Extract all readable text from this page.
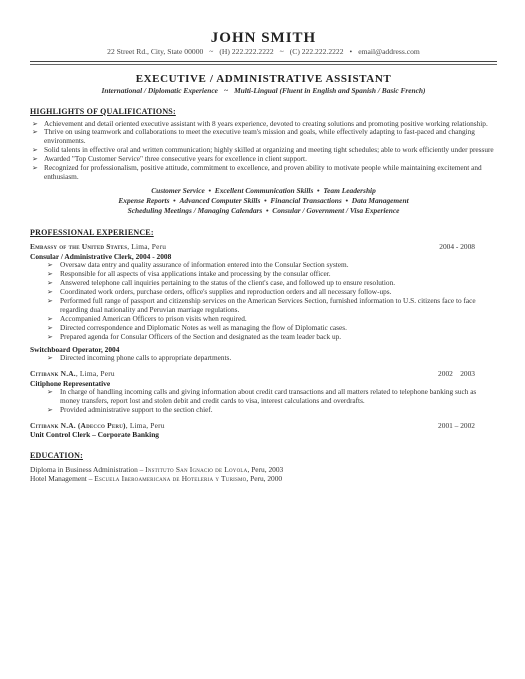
JOHN SMITH
22 Street Rd., City, State 00000 ~ (H) 222.222.2222 ~ (C) 222.222.2222 • email@address.com
EXECUTIVE / ADMINISTRATIVE ASSISTANT
International / Diplomatic Experience ~ Multi-Lingual (Fluent in English and Spanish / Basic French)
HIGHLIGHTS OF QUALIFICATIONS:
➢ Achievement and detail oriented executive assistant with 8 years experience, devoted to creating solutions and promoting positive working relationship.
➢ Thrive on using teamwork and collaborations to meet the executive team's mission and goals, while effectively adapting to fast-paced and changing environments.
➢ Solid talents in effective oral and written communication; highly skilled at organizing and meeting tight schedules; able to work efficiently under pressure
➢ Awarded "Top Customer Service" three consecutive years for excellence in client support.
➢ Recognized for professionalism, positive attitude, commitment to excellence, and proven ability to motivate people while maintaining excitement and enthusiasm.
Customer Service •  Excellent Communication Skills •  Team Leadership
Expense Reports •  Advanced Computer Skills •  Financial Transactions •  Data Management
Scheduling Meetings / Managing Calendars •  Consular / Government / Visa Experience
PROFESSIONAL EXPERIENCE:
Embassy of the United States, Lima, Peru	2004 - 2008
Consular / Administrative Clerk, 2004 - 2008
➢ Oversaw data entry and quality assurance of information entered into the Consular Section system.
➢ Responsible for all aspects of visa applications intake and processing by the consular officer.
➢ Answered telephone call inquiries pertaining to the status of the client's case, and followed up to ensure resolution.
➢ Coordinated work orders, purchase orders, office's supplies and reproduction orders and all necessary follow-ups.
➢ Performed full range of passport and citizenship services on the American Services Section, furnished information to U.S. citizens face to face regarding dual nationality and Peruvian marriage regulations.
➢ Accompanied American Officers to prison visits when required.
➢ Directed correspondence and Diplomatic Notes as well as managing the flow of Diplomatic cases.
➢ Prepared agenda for Consular Officers of the Section and designated as the team leader back up.
Switchboard Operator, 2004
➢ Directed incoming phone calls to appropriate departments.
Citibank N.A., Lima, Peru	2002    2003
Citiphone Representative
➢ In charge of handling incoming calls and giving information about credit card transactions and all matters related to telephone banking such as money transfers, report lost and stolen debit and credit cards to visa, interest calculations and overdrafts.
➢ Provided administrative support to the section chief.
Citibank N.A. (Adecco Peru), Lima, Peru	2001 – 2002
Unit Control Clerk – Corporate Banking
EDUCATION:
Diploma in Business Administration – Instituto San Ignacio de Loyola, Peru, 2003
Hotel Management – Escuela Iberoamericana de Hoteleria y Turismo, Peru, 2000
